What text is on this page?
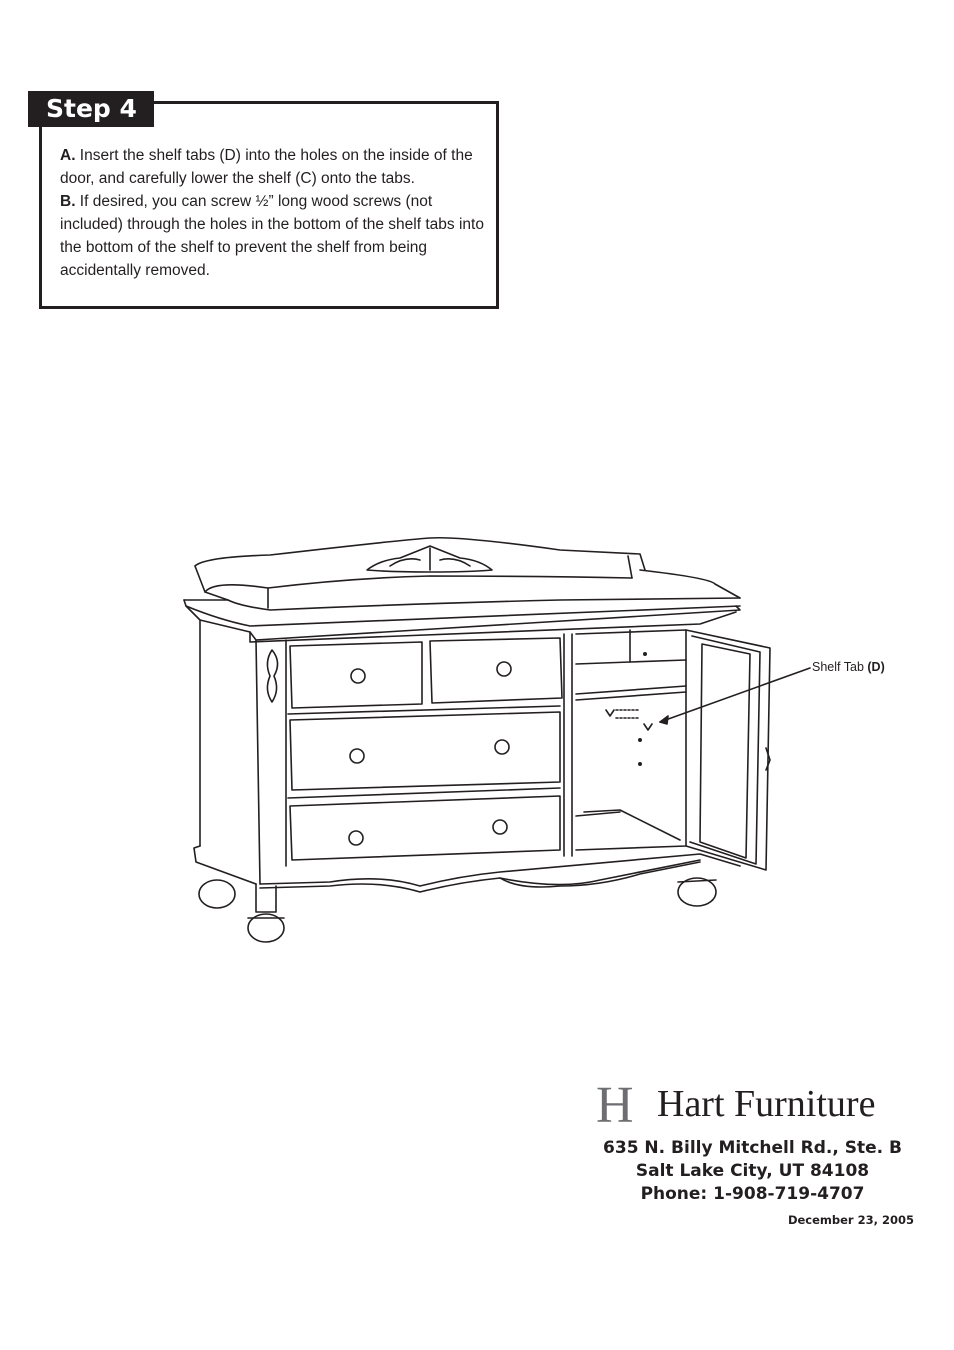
Step 4

A. Insert the shelf tabs (D) into the holes on the inside of the door, and carefully lower the shelf (C) onto the tabs.

B. If desired, you can screw ½” long wood screws (not included) through the holes in the bottom of the shelf tabs into the bottom of the shelf to prevent the shelf from being accidentally removed.

Shelf Tab (D)
H Hart Furniture
635 N. Billy Mitchell Rd., Ste. B
Salt Lake City, UT 84108
Phone: 1-908-719-4707
December 23, 2005
